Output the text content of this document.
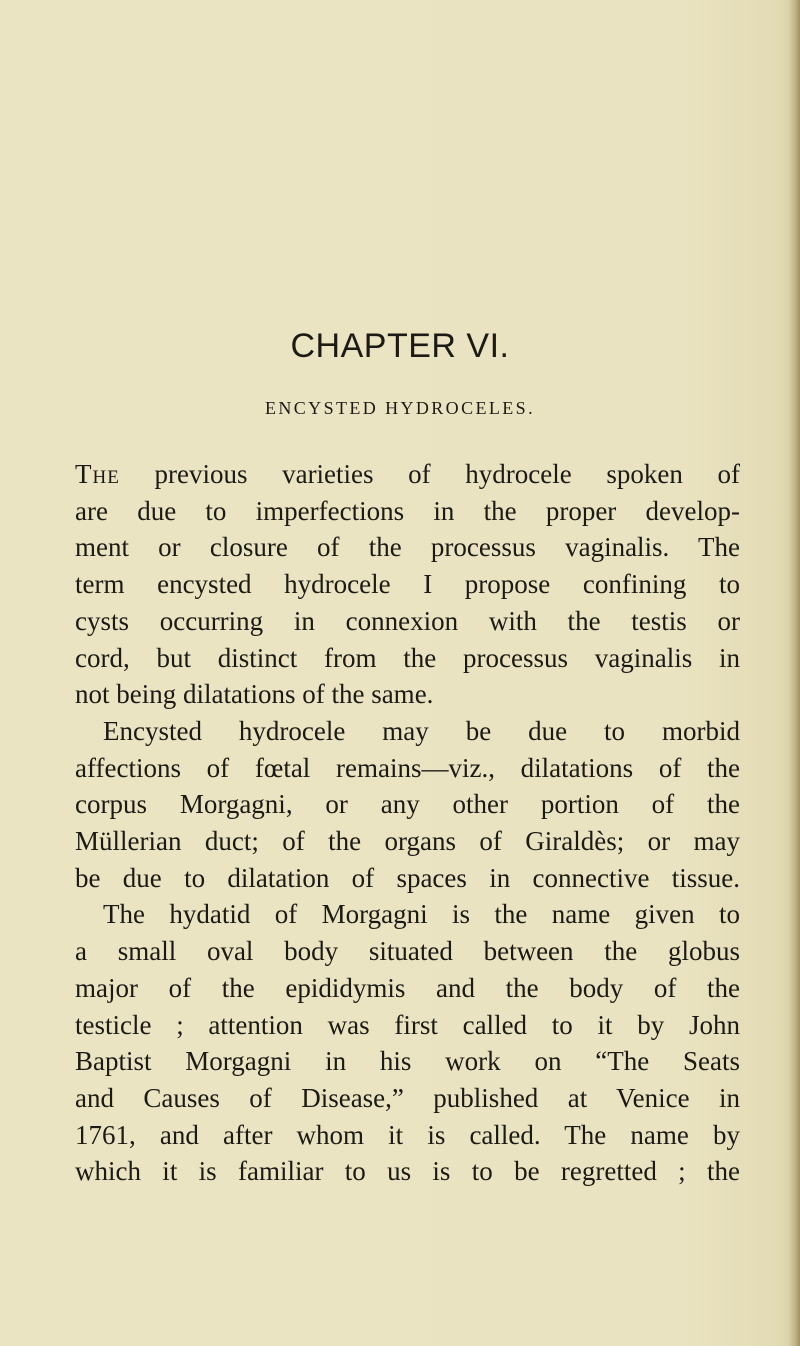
CHAPTER VI.
ENCYSTED HYDROCELES.
The previous varieties of hydrocele spoken of
are due to imperfections in the proper develop-
ment or closure of the processus vaginalis. The
term encysted hydrocele I propose confining to
cysts occurring in connexion with the testis or
cord, but distinct from the processus vaginalis in
not being dilatations of the same.
Encysted hydrocele may be due to morbid
affections of fœtal remains—viz., dilatations of the
corpus Morgagni, or any other portion of the
Müllerian duct; of the organs of Giraldès; or may
be due to dilatation of spaces in connective tissue.
The hydatid of Morgagni is the name given to
a small oval body situated between the globus
major of the epididymis and the body of the
testicle ; attention was first called to it by John
Baptist Morgagni in his work on “The Seats
and Causes of Disease,” published at Venice in
1761, and after whom it is called. The name by
which it is familiar to us is to be regretted ; the
